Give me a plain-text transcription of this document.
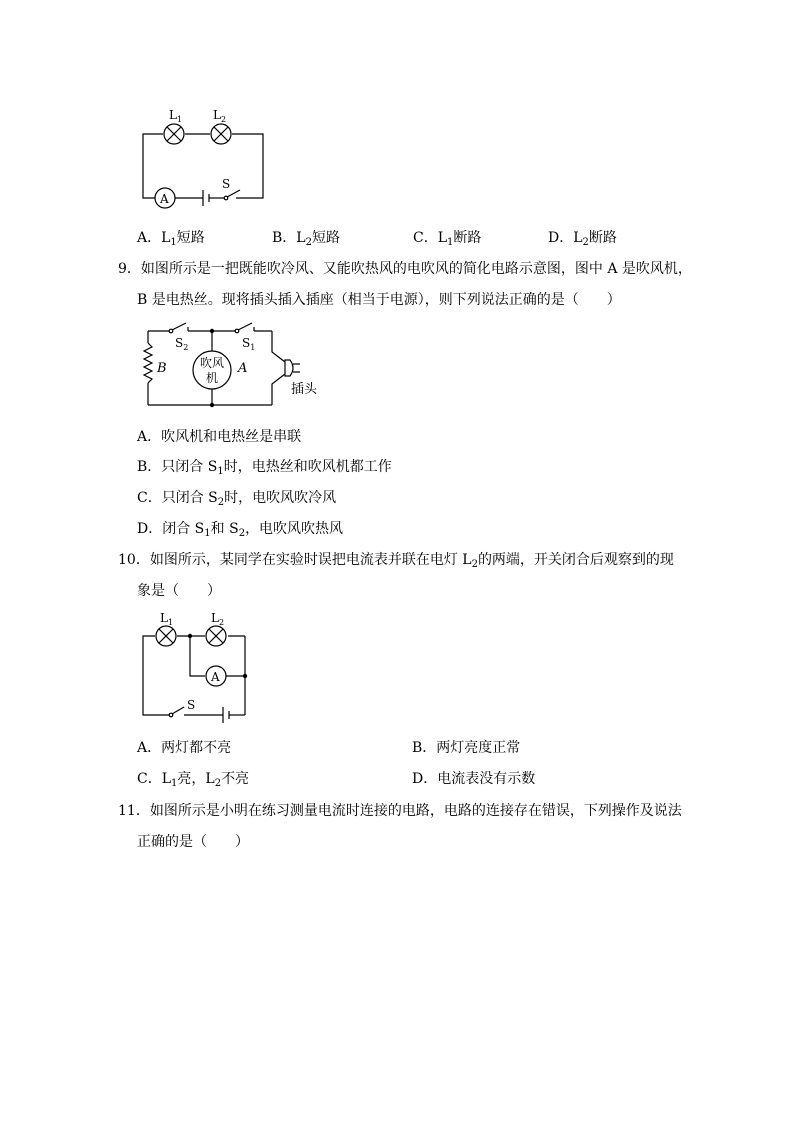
A
S
$L_1$	$L_2$
A．$L_1$短路	B．$L_2$短路	C．$L_1$断路	D．$L_2$断路
9．如图所示是一把既能吹冷风、又能吹热风的电吹风的简化电路示意图，图中 A 是吹风机，
B 是电热丝。现将插头插入插座（相当于电源），则下列说法正确的是（　　）
吹风
机
插头
B	A
$S_2$	$S_1$
A．吹风机和电热丝是串联
B．只闭合 $S_1$时，电热丝和吹风机都工作
C．只闭合 $S_2$时，电吹风吹冷风
D．闭合 $S_1$和 $S_2$，电吹风吹热风
10．如图所示，某同学在实验时误把电流表并联在电灯 $L_2$的两端，开关闭合后观察到的现
象是（　　）
A
S
$L_1$	$L_2$
A．两灯都不亮	B．两灯亮度正常
C．$L_1$亮，$L_2$不亮	D．电流表没有示数
11．如图所示是小明在练习测量电流时连接的电路，电路的连接存在错误，下列操作及说法
正确的是（　　）
